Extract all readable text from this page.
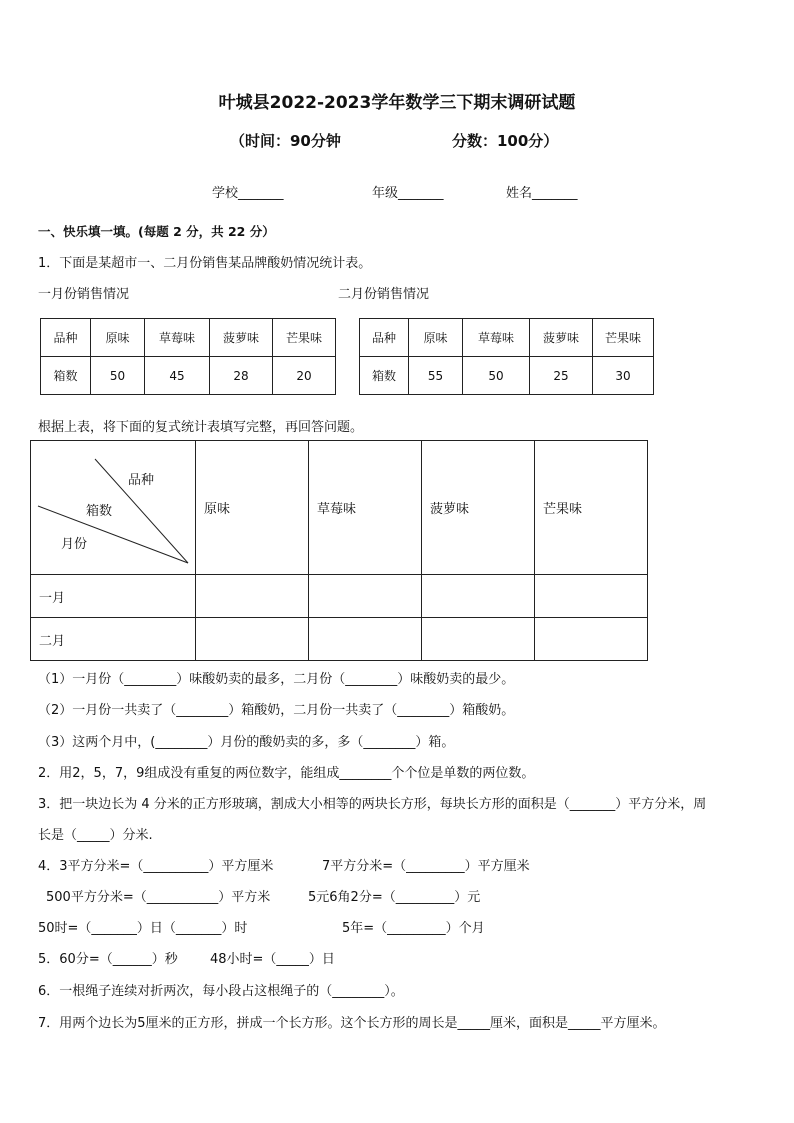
叶城县2022-2023学年数学三下期末调研试题
（时间：90分钟	分数：100分）
学校_______	年级_______	姓名_______
一、快乐填一填。(每题 2 分，共 22 分）
1．下面是某超市一、二月份销售某品牌酸奶情况统计表。
一月份销售情况	二月份销售情况
品种	原味	草莓味	菠萝味	芒果味
箱数	50	45	28	20
品种	原味	草莓味	菠萝味	芒果味
箱数	55	50	25	30
根据上表，将下面的复式统计表填写完整，再回答问题。
品种
箱数
月份	原味	草莓味	菠萝味	芒果味
一月				
二月				
（1）一月份（________）味酸奶卖的最多，二月份（________）味酸奶卖的最少。
（2）一月份一共卖了（________）箱酸奶，二月份一共卖了（________）箱酸奶。
（3）这两个月中，(________）月份的酸奶卖的多，多（________）箱。
2．用2，5，7，9组成没有重复的两位数字，能组成________个个位是单数的两位数。
3．把一块边长为 4 分米的正方形玻璃，割成大小相等的两块长方形，每块长方形的面积是（_______）平方分米，周
长是（_____）分米.
4．3平方分米=（__________）平方厘米	7平方分米=（_________）平方厘米
500平方分米=（___________）平方米	5元6角2分=（_________）元
50时=（_______）日（_______）时	5年=（_________）个月
5．60分=（______）秒 48小时=（_____）日
6．一根绳子连续对折两次，每小段占这根绳子的（________）。
7．用两个边长为5厘米的正方形，拼成一个长方形。这个长方形的周长是_____厘米，面积是_____平方厘米。
